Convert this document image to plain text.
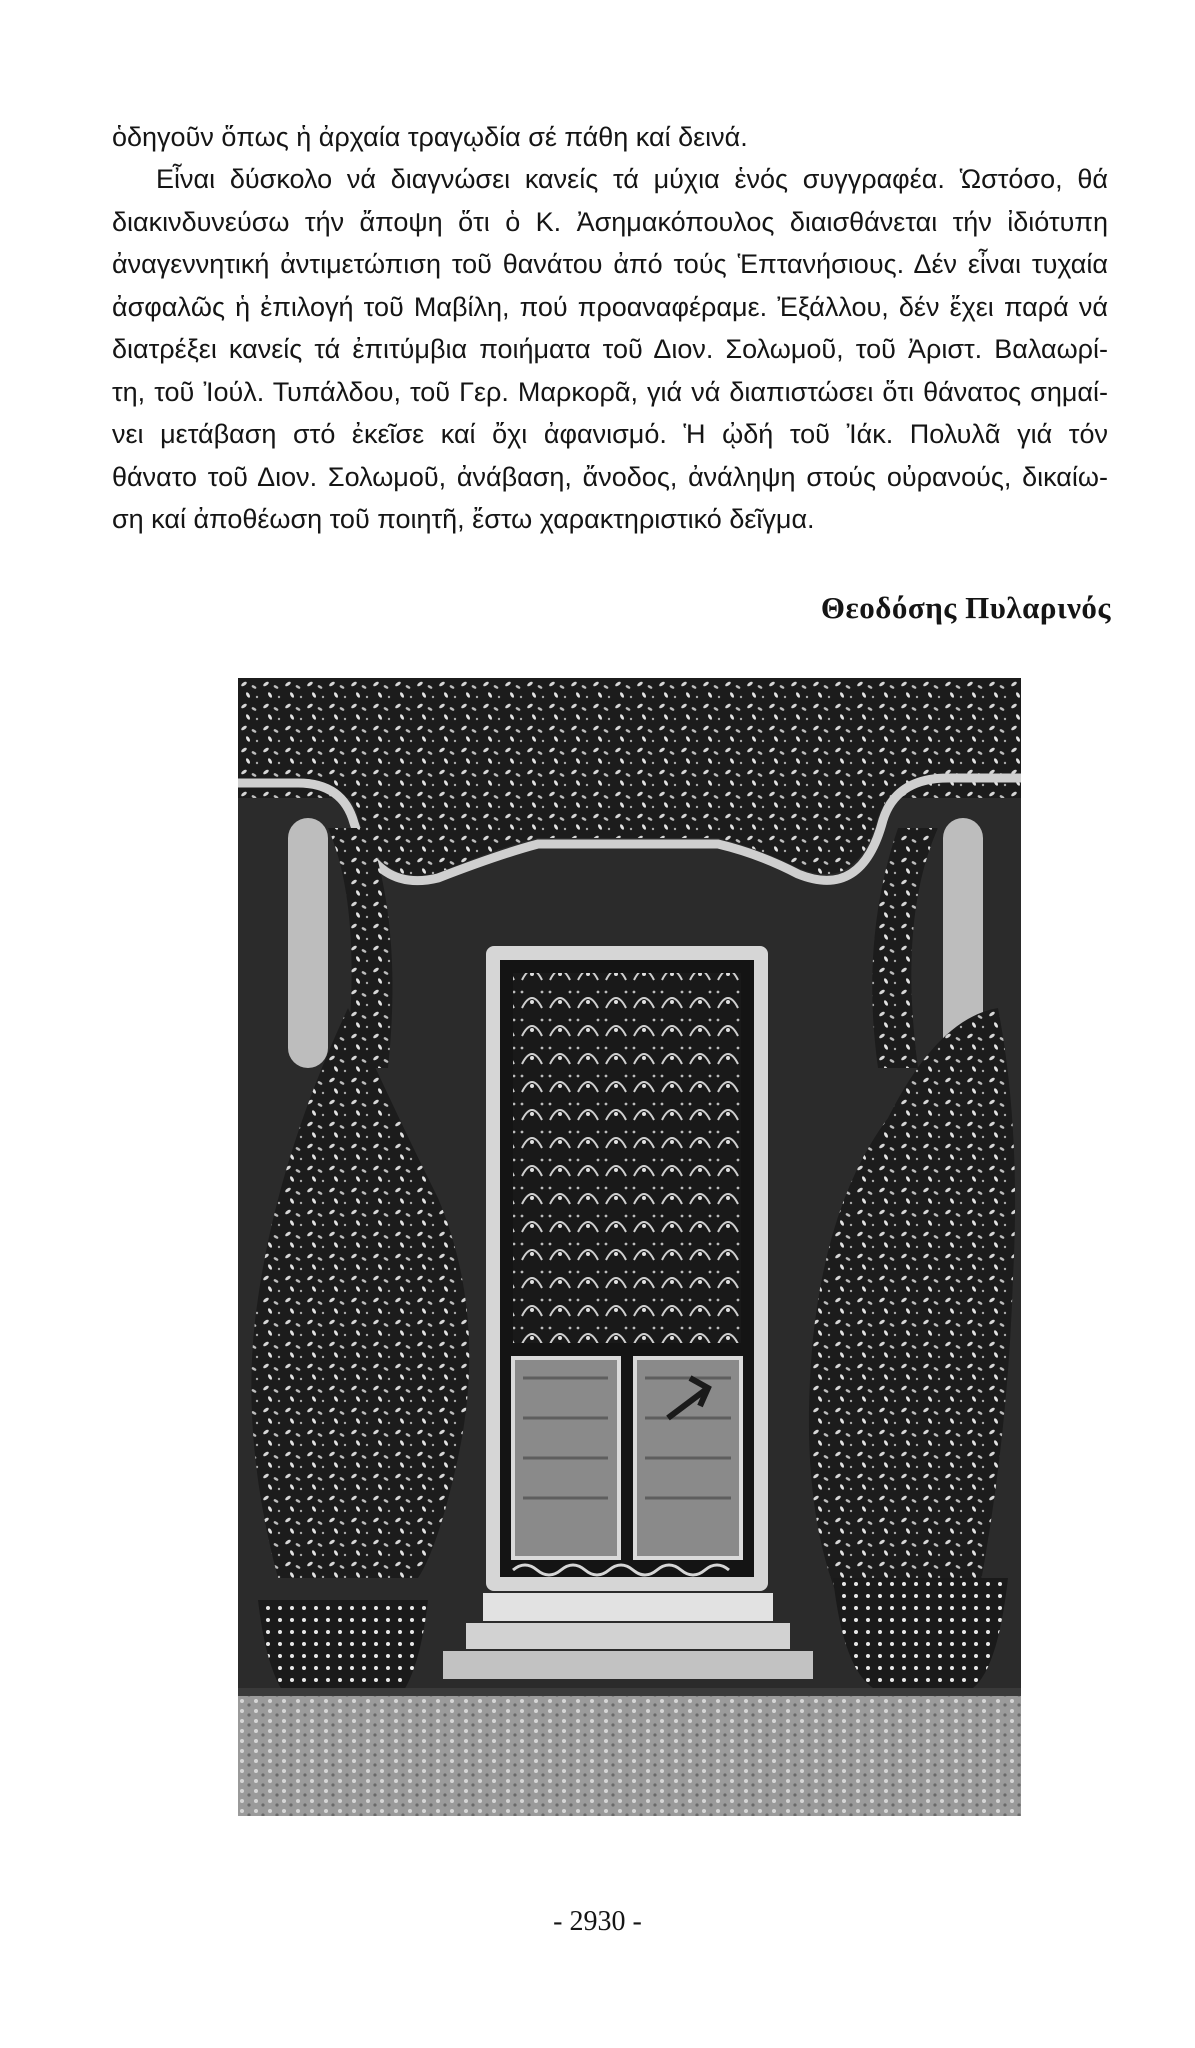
ὁδηγοῦν ὅπως ἡ ἀρχαία τραγῳδία σέ πάθη καί δεινά.

Εἶναι δύσκολο νά διαγνώσει κανείς τά μύχια ἑνός συγγραφέα. Ὡστόσο, θά
διακινδυνεύσω τήν ἄποψη ὅτι ὁ Κ. Ἀσημακόπουλος διαισθάνεται τήν ἰδιότυπη
ἀναγεννητική ἀντιμετώπιση τοῦ θανάτου ἀπό τούς Ἑπτανήσιους. Δέν εἶναι τυχαία
ἀσφαλῶς ἡ ἐπιλογή τοῦ Μαβίλη, πού προαναφέραμε. Ἐξάλλου, δέν ἔχει παρά νά
διατρέξει κανείς τά ἐπιτύμβια ποιήματα τοῦ Διον. Σολωμοῦ, τοῦ Ἀριστ. Βαλαωρί-
τη, τοῦ Ἰούλ. Τυπάλδου, τοῦ Γερ. Μαρκορᾶ, γιά νά διαπιστώσει ὅτι θάνατος σημαί-
νει μετάβαση στό ἐκεῖσε καί ὄχι ἀφανισμό. Ἡ ᾠδή τοῦ Ἰάκ. Πολυλᾶ γιά τόν
θάνατο τοῦ Διον. Σολωμοῦ, ἀνάβαση, ἄνοδος, ἀνάληψη στούς οὐρανούς, δικαίω-
ση καί ἀποθέωση τοῦ ποιητῆ, ἔστω χαρακτηριστικό δεῖγμα.

Θεοδόσης Πυλαρινός

- 2930 -
